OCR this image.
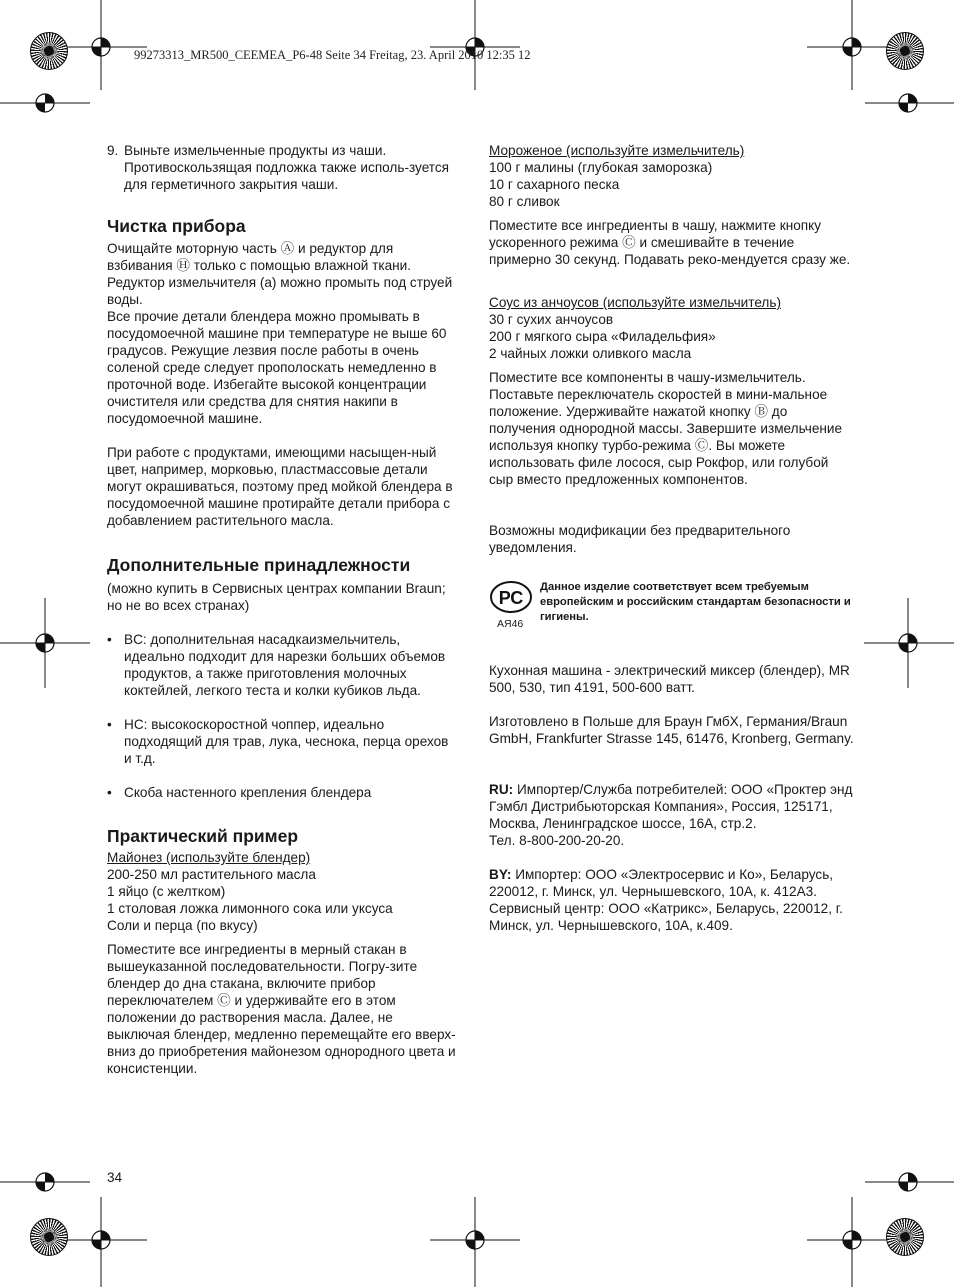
99273313_MR500_CEEMEA_P6-48 Seite 34 Freitag, 23. April 2010 12:35 12
9. Выньте измельченные продукты из чаши. Противоскользящая подложка также исполь-зуется для герметичного закрытия чаши.
Чистка прибора

Очищайте моторную часть Ⓐ и редуктор для взбивания Ⓗ только с помощью влажной ткани. Редуктор измельчителя (а) можно промыть под струей воды.

Все прочие детали блендера можно промывать в посудомоечной машине при температуре не выше 60 градусов. Режущие лезвия после работы в очень соленой среде следует прополоскать немедленно в проточной воде. Избегайте высокой концентрации очистителя или средства для снятия накипи в посудомоечной машине.

При работе с продуктами, имеющими насыщен-ный цвет, например, морковью, пластмассовые детали могут окрашиваться, поэтому пред мойкой блендера в посудомоечной машине протирайте детали прибора с добавлением растительного масла.

Дополнительные принадлежности

(можно купить в Сервисных центрах компании Braun; но не во всех странах)

• BC: дополнительная насадкаизмельчитель, идеально подходит для нарезки больших объемов продуктов, а также приготовления молочных коктейлей, легкого теста и колки кубиков льда.
• HC: высокоскоростной чоппер, идеально подходящий для трав, лука, чеснока, перца орехов и т.д.
• Скоба настенного крепления блендера
Практический пример

Майонез (используйте блендер)

200-250 мл растительного масла

1 яйцо (с желтком)

1 столовая ложка лимонного сока или уксуса

Соли и перца (по вкусу)

Поместите все ингредиенты в мерный стакан в вышеуказанной последовательности. Погру-зите блендер до дна стакана, включите прибор переключателем Ⓒ и удерживайте его в этом положении до растворения масла. Далее, не выключая блендер, медленно перемещайте его вверх-вниз до приобретения майонезом однородного цвета и консистенции.

34

Мороженое (используйте измельчитель)

100 г малины (глубокая заморозка)

10 г сахарного песка

80 г сливок

Поместите все ингредиенты в чашу, нажмите кнопку ускоренного режима Ⓒ и смешивайте в течение примерно 30 секунд. Подавать реко-мендуется сразу же.

Соус из анчоусов (используйте измельчитель)

30 г сухих анчоусов

200 г мягкого сыра «Филадельфия»

2 чайных ложки оливкого масла

Поместите все компоненты в чашу-измельчитель. Поставьте переключатель скоростей в мини-мальное положение. Удерживайте нажатой кнопку Ⓑ до получения однородной массы. Завершите измельчение используя кнопку турбо-режима Ⓒ. Вы можете использовать филе лосося, сыр Рокфор, или голубой сыр вместо предложенных компонентов.

Возможны модификации без предварительного уведомления.

РС
АЯ46
Данное изделие соответствует всем требуемым европейским и российским стандартам безопасности и гигиены.

Кухонная машина - электрический миксер (блендер), MR 500, 530, тип 4191, 500-600 ватт.

Изготовлено в Польше для Браун ГмбХ, Германия/Braun GmbH, Frankfurter Strasse 145, 61476, Kronberg, Germany.

RU: Импортер/Служба потребителей: ООО «Проктер энд Гэмбл Дистрибьюторская Компания», Россия, 125171, Москва, Ленинградское шоссе, 16А, стр.2.

Тел. 8-800-200-20-20.

BY: Импортер: ООО «Электросервис и Ко», Беларусь, 220012, г. Минск, ул. Чернышевского, 10А, к. 412А3. Сервисный центр: ООО «Катрикс», Беларусь, 220012, г. Минск, ул. Чернышевского, 10А, к.409.
